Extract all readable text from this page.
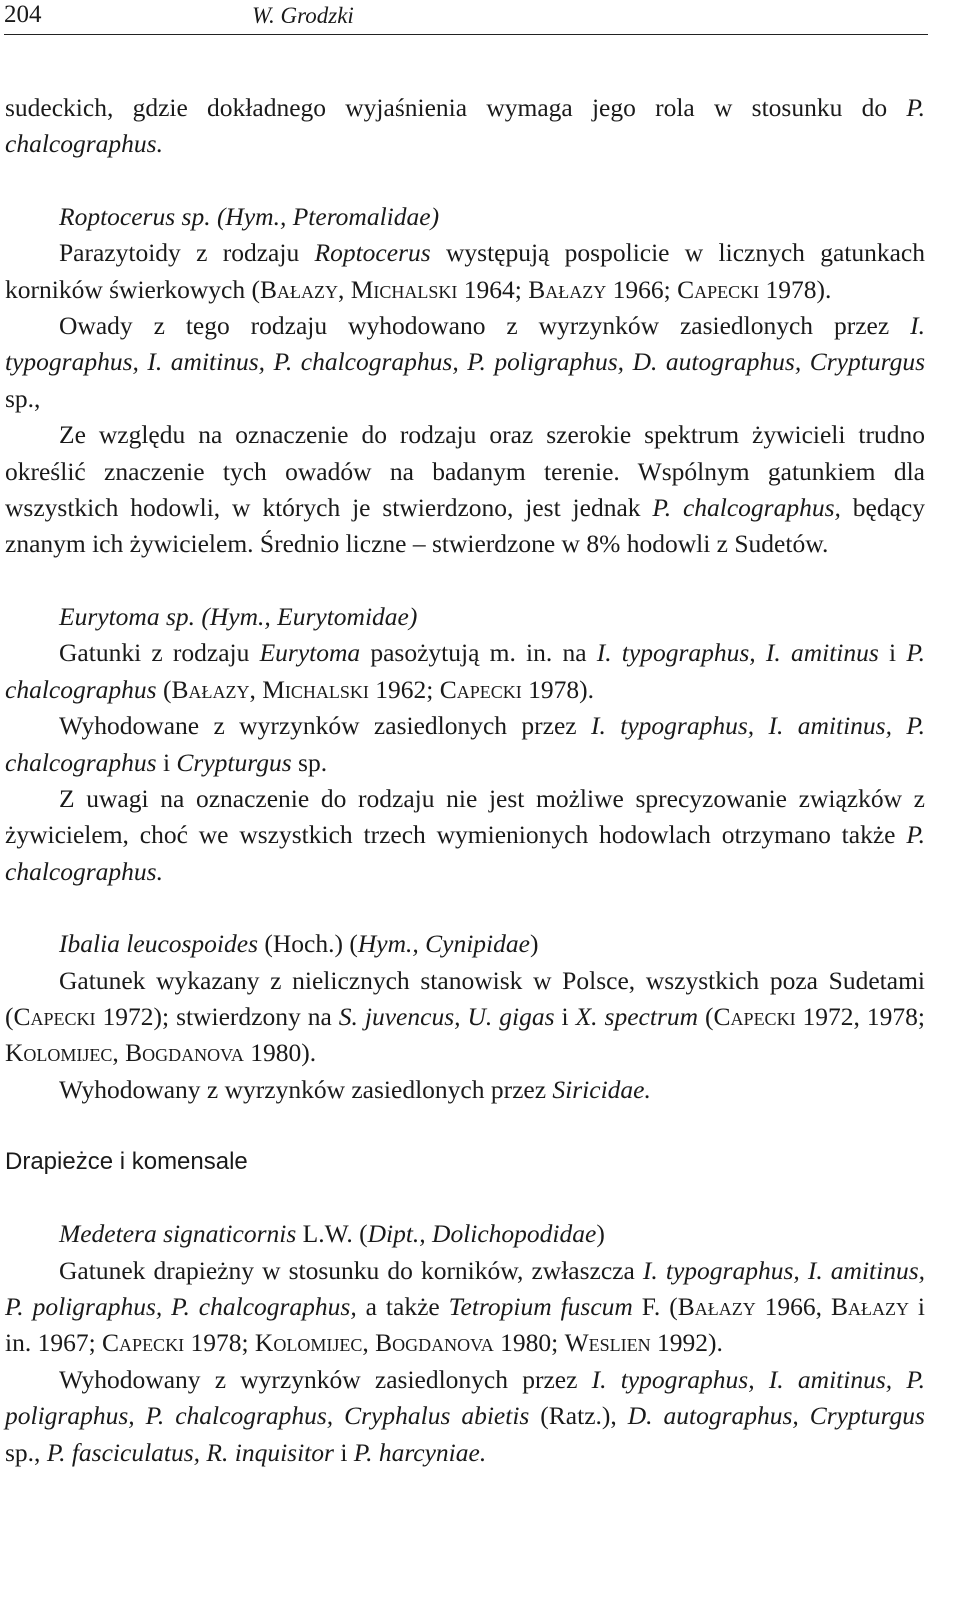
204	W. Grodzki

sudeckich, gdzie dokładnego wyjaśnienia wymaga jego rola w stosunku do P. chalcographus.

Roptocerus sp. (Hym., Pteromalidae)

Parazytoidy z rodzaju Roptocerus występują pospolicie w licznych gatunkach korników świerkowych (Bałazy, Michalski 1964; Bałazy 1966; Capecki 1978).

Owady z tego rodzaju wyhodowano z wyrzynków zasiedlonych przez I. typographus, I. amitinus, P. chalcographus, P. poligraphus, D. autographus, Crypturgus sp.,

Ze względu na oznaczenie do rodzaju oraz szerokie spektrum żywicieli trudno określić znaczenie tych owadów na badanym terenie. Wspólnym gatunkiem dla wszystkich hodowli, w których je stwierdzono, jest jednak P. chalcographus, będący znanym ich żywicielem. Średnio liczne – stwierdzone w 8% hodowli z Sudetów.

Eurytoma sp. (Hym., Eurytomidae)

Gatunki z rodzaju Eurytoma pasożytują m. in. na I. typographus, I. amitinus i P. chalcographus (Bałazy, Michalski 1962; Capecki 1978).

Wyhodowane z wyrzynków zasiedlonych przez I. typographus, I. amitinus, P. chalcographus i Crypturgus sp.

Z uwagi na oznaczenie do rodzaju nie jest możliwe sprecyzowanie związków z żywicielem, choć we wszystkich trzech wymienionych hodowlach otrzymano także P. chalcographus.

Ibalia leucospoides (Hoch.) (Hym., Cynipidae)

Gatunek wykazany z nielicznych stanowisk w Polsce, wszystkich poza Sudetami (Capecki 1972); stwierdzony na S. juvencus, U. gigas i X. spectrum (Capecki 1972, 1978; Kolomijec, Bogdanova 1980).

Wyhodowany z wyrzynków zasiedlonych przez Siricidae.

Drapieżce i komensale

Medetera signaticornis L.W. (Dipt., Dolichopodidae)

Gatunek drapieżny w stosunku do korników, zwłaszcza I. typographus, I. amitinus, P. poligraphus, P. chalcographus, a także Tetropium fuscum F. (Bałazy 1966, Bałazy i in. 1967; Capecki 1978; Kolomijec, Bogdanova 1980; Weslien 1992).

Wyhodowany z wyrzynków zasiedlonych przez I. typographus, I. amitinus, P. poligraphus, P. chalcographus, Cryphalus abietis (Ratz.), D. autographus, Crypturgus sp., P. fasciculatus, R. inquisitor i P. harcyniae.
